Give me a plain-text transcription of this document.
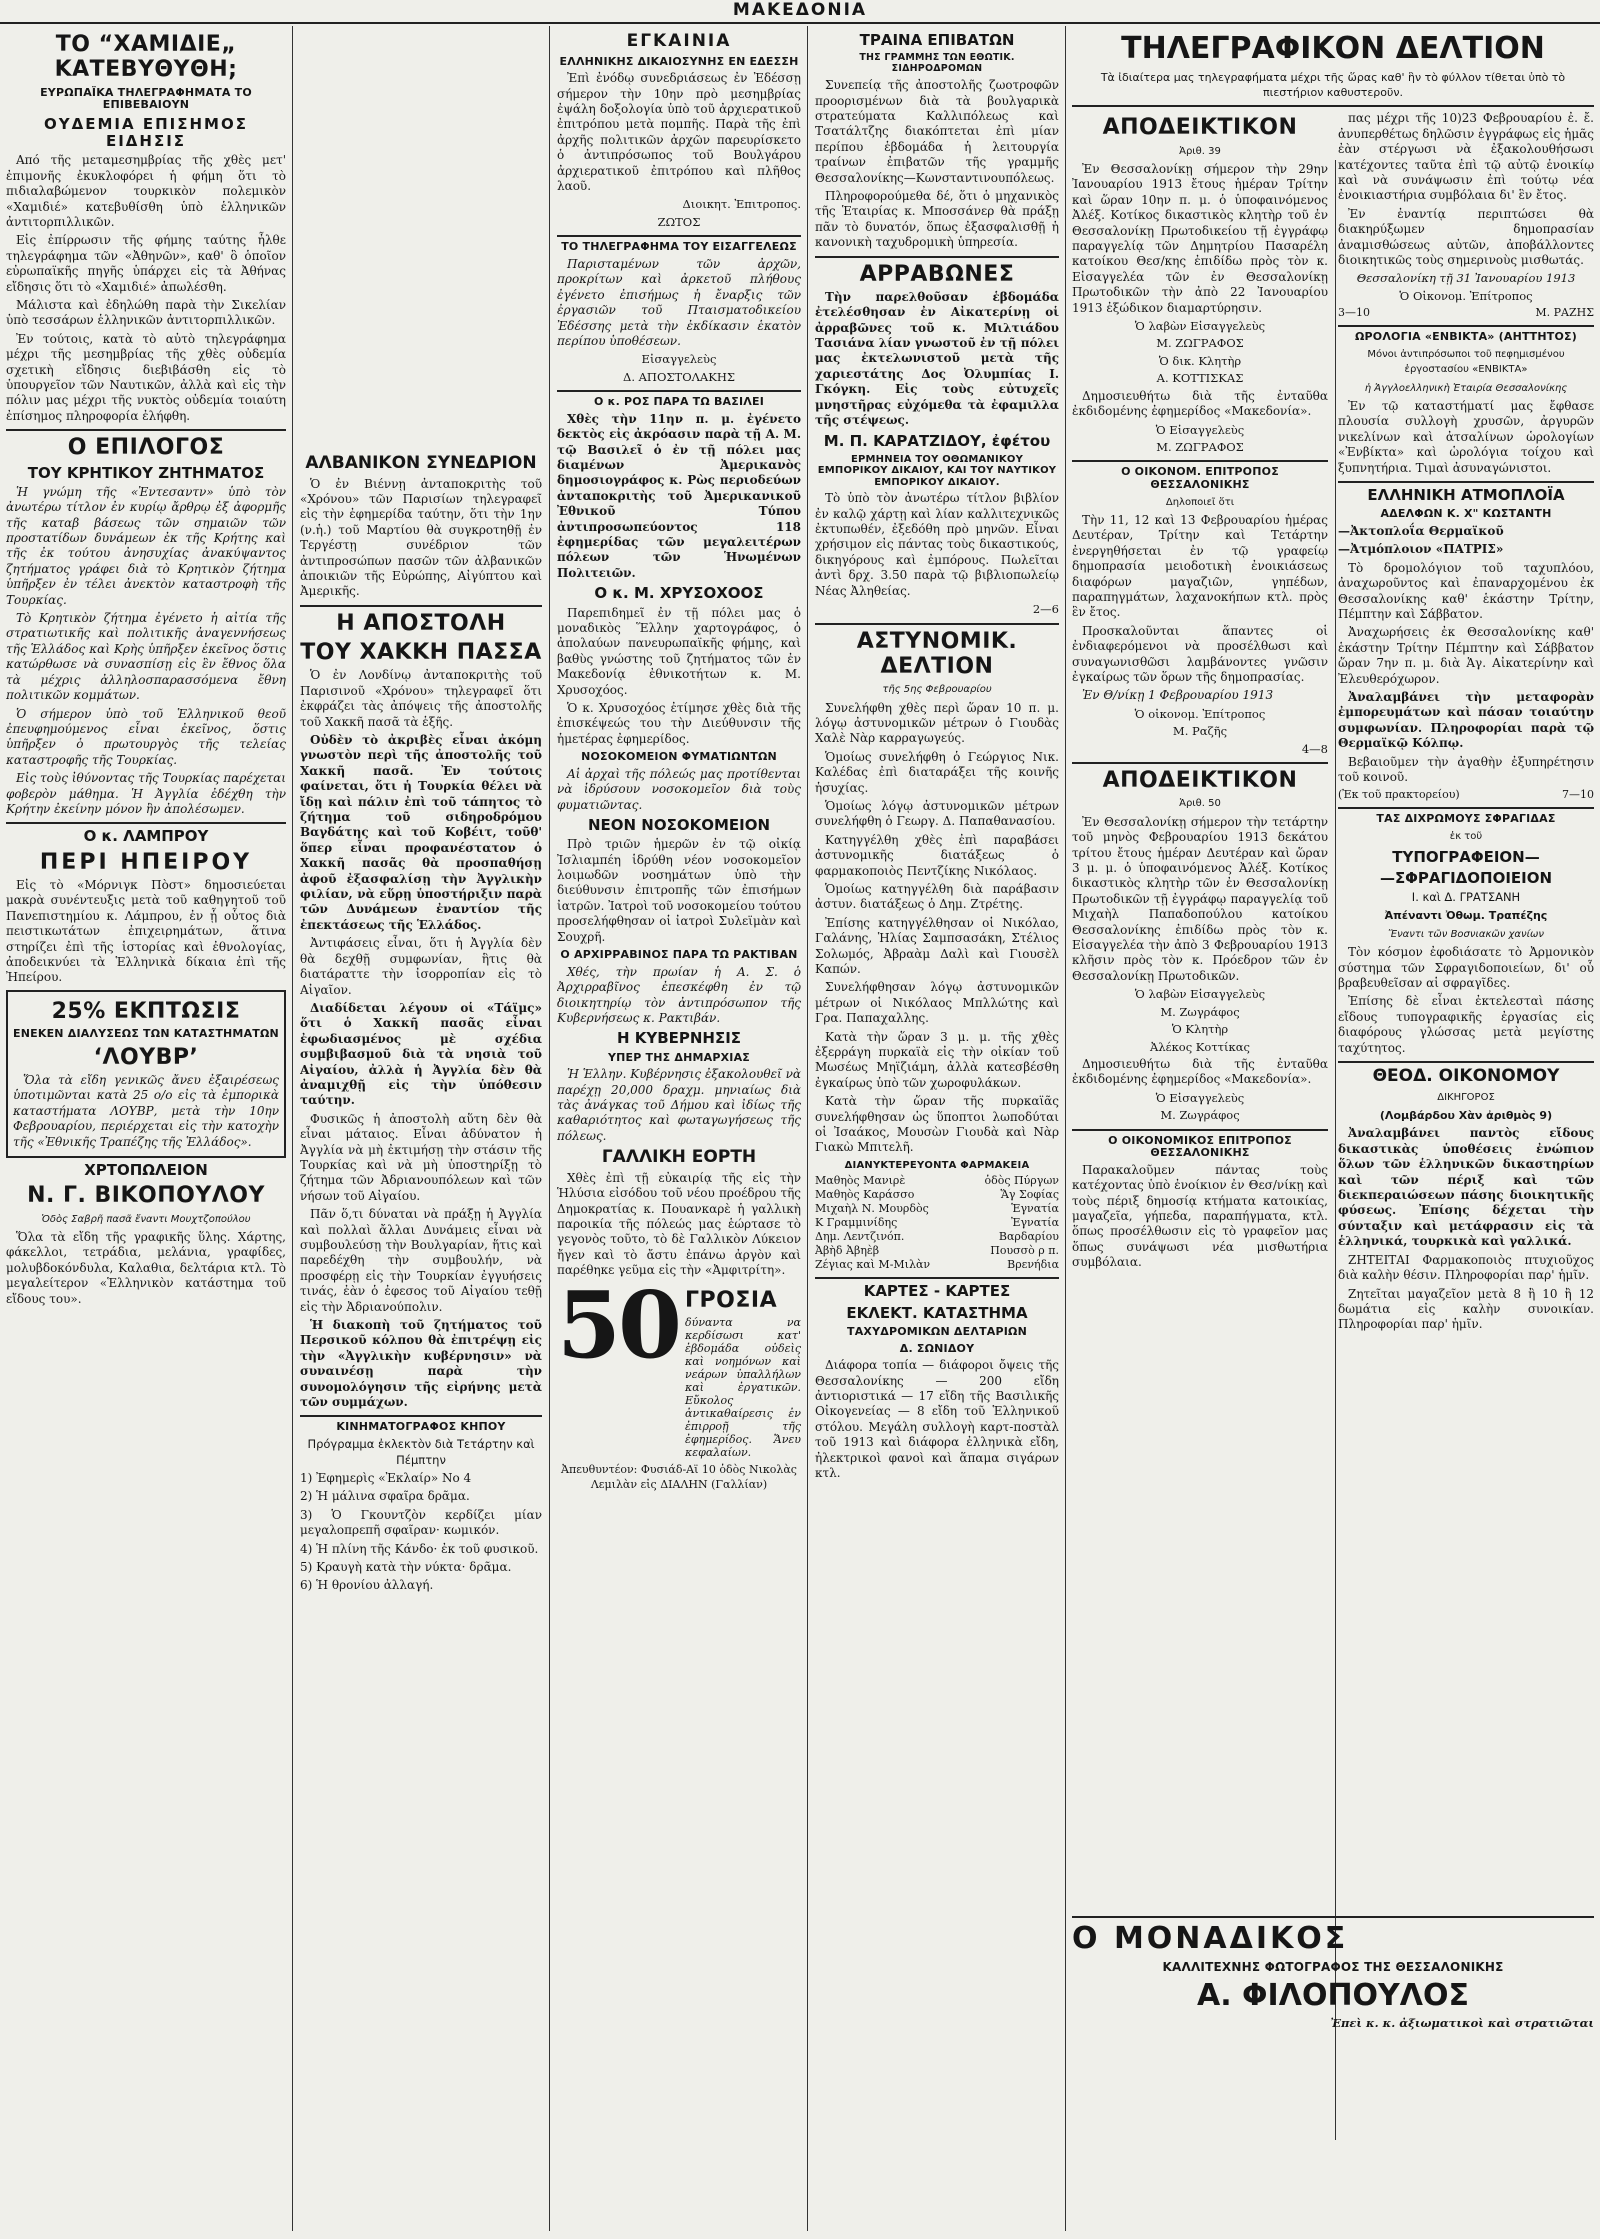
ΜΑΚΕΔΟΝΙΑ
ΤΟ “ΧΑΜΙΔΙΕ„ ΚΑΤΕΒΥΘΥΘΗ;
ΕΥΡΩΠΑΪΚΑ ΤΗΛΕΓΡΑΦΗΜΑΤΑ ΤΟ ΕΠΙΒΕΒΑΙΟΥΝ
ΟΥΔΕΜΙΑ ΕΠΙΣΗΜΟΣ ΕΙΔΗΣΙΣ

Από τῆς μεταμεσημβρίας τῆς χθὲς μετ' ἐπιμονῆς ἐκυκλοφόρει ἡ φήμη ὅτι τὸ πιδιαλαβώμενον τουρκικὸν πολεμικὸν «Χαμιδιέ» κατεβυθίσθη ὑπὸ ἑλληνικῶν ἀντιτορπιλλικῶν.

Εἰς ἐπίρρωσιν τῆς φήμης ταύτης ἦλθε τηλεγράφημα τῶν «Ἀθηνῶν», καθ' ὃ ὁποῖον εὐρωπαϊκῆς πηγῆς ὑπάρχει εἰς τὰ Ἀθήνας εἴδησις ὅτι τὸ «Χαμιδιέ» ἀπωλέσθη.

Μάλιστα καὶ ἐδηλώθη παρὰ τὴν Σικελίαν ὑπὸ τεσσάρων ἑλληνικῶν ἀντιτορπιλλικῶν.

Ἐν τούτοις, κατὰ τὸ αὐτὸ τηλεγράφημα μέχρι τῆς μεσημβρίας τῆς χθὲς οὐδεμία σχετικὴ εἴδησις διεβιβάσθη εἰς τὸ ὑπουργεῖον τῶν Ναυτικῶν, ἀλλὰ καὶ εἰς τὴν πόλιν μας μέχρι τῆς νυκτὸς οὐδεμία τοιαύτη ἐπίσημος πληροφορία ἐλήφθη.

Ο ΕΠΙΛΟΓΟΣ
ΤΟΥ ΚΡΗΤΙΚΟΥ ΖΗΤΗΜΑΤΟΣ

Ἡ γνώμη τῆς «Ἐντεσαντν» ὑπὸ τὸν ἀνωτέρω τίτλον ἐν κυρίῳ ἄρθρῳ ἐξ ἀφορμῆς τῆς καταβ βάσεως τῶν σημαιῶν τῶν προστατίδων δυνάμεων ἐκ τῆς Κρήτης καὶ τῆς ἐκ τούτου ἀνησυχίας ἀνακύψαντος ζητήματος γράφει διὰ τὸ Κρητικὸν ζήτημα ὑπῆρξεν ἐν τέλει ἀνεκτὸν καταστροφὴ τῆς Τουρκίας.

Τὸ Κρητικὸν ζήτημα ἐγένετο ἡ αἰτία τῆς στρατιωτικῆς καὶ πολιτικῆς ἀναγεννήσεως τῆς Ἑλλάδος καὶ Κρὴς ὑπῆρξεν ἐκεῖνος ὅστις κατώρθωσε νὰ συνασπίσῃ εἰς ἓν ἔθνος ὅλα τὰ μέχρις ἀλληλοσπαρασσόμενα ἔθνη πολιτικῶν κομμάτων.

Ὁ σήμερον ὑπὸ τοῦ Ἑλληνικοῦ θεοῦ ἐπευφημούμενος εἶναι ἐκεῖνος, ὅστις ὑπῆρξεν ὁ πρωτουργὸς τῆς τελείας καταστροφῆς τῆς Τουρκίας.

Εἰς τοὺς ἰθύνοντας τῆς Τουρκίας παρέχεται φοβερὸν μάθημα. Ἡ Ἀγγλία ἐδέχθη τὴν Κρήτην ἐκείνην μόνον ἣν ἀπολέσωμεν.

Ο κ. ΛΑΜΠΡΟΥ
ΠΕΡΙ ΗΠΕΙΡΟΥ

Εἰς τὸ «Μόρνιγκ Πὸστ» δημοσιεύεται μακρὰ συνέντευξις μετὰ τοῦ καθηγητοῦ τοῦ Πανεπιστημίου κ. Λάμπρου, ἐν ᾗ οὗτος διὰ πειστικωτάτων ἐπιχειρημάτων, ἅτινα στηρίζει ἐπὶ τῆς ἱστορίας καὶ ἐθνολογίας, ἀποδεικνύει τὰ Ἑλληνικὰ δίκαια ἐπὶ τῆς Ἠπείρου.

25% ΕΚΠΤΩΣΙΣ
ΕΝΕΚΕΝ ΔΙΑΛΥΣΕΩΣ ΤΩΝ ΚΑΤΑΣΤΗΜΑΤΩΝ
‘ΛΟΥΒΡ’

Ὅλα τὰ εἴδη γενικῶς ἄνευ ἐξαιρέσεως ὑποτιμῶνται κατὰ 25 ο/ο εἰς τὰ ἐμπορικὰ καταστήματα ΛΟΥΒΡ, μετὰ τὴν 10ην Φεβρουαρίου, περιέρχεται εἰς τὴν κατοχὴν τῆς «Ἐθνικῆς Τραπέζης τῆς Ἑλλάδος».

ΧΡΤΟΠΩΛΕΙΟΝ
Ν. Γ. ΒΙΚΟΠΟΥΛΟΥ
Ὁδὸς Σαβρῆ πασᾶ ἔναντι Μουχτζοπούλου

Ὅλα τὰ εἴδη τῆς γραφικῆς ὕλης. Χάρτης, φάκελλοι, τετράδια, μελάνια, γραφίδες, μολυβδοκόνδυλα, Καλαθια, δελτάρια κτλ. Τὸ μεγαλείτερον «Ἑλληνικὸν κατάστημα τοῦ εἴδους του».

ΑΛΒΑΝΙΚΟΝ ΣΥΝΕΔΡΙΟΝ

Ὁ ἐν Βιέννῃ ἀνταποκριτὴς τοῦ «Χρόνου» τῶν Παρισίων τηλεγραφεῖ εἰς τὴν ἐφημερίδα ταύτην, ὅτι τὴν 1ην (ν.ἡ.) τοῦ Μαρτίου θὰ συγκροτηθῇ ἐν Τεργέστῃ συνέδριον τῶν ἀντιπροσώπων πασῶν τῶν ἀλβανικῶν ἀποικιῶν τῆς Εὐρώπης, Αἰγύπτου καὶ Ἀμερικῆς.

Η ΑΠΟΣΤΟΛΗ
ΤΟΥ ΧΑΚΚΗ ΠΑΣΣΑ

Ὁ ἐν Λονδίνῳ ἀνταποκριτὴς τοῦ Παρισινοῦ «Χρόνου» τηλεγραφεῖ ὅτι ἐκφράζει τὰς ἀπόψεις τῆς ἀποστολῆς τοῦ Χακκῆ πασᾶ τὰ ἑξῆς.

Οὐδὲν τὸ ἀκριβὲς εἶναι ἀκόμη γνωστὸν περὶ τῆς ἀποστολῆς τοῦ Χακκῆ πασᾶ. Ἐν τούτοις φαίνεται, ὅτι ἡ Τουρκία θέλει νὰ ἴδῃ καὶ πάλιν ἐπὶ τοῦ τάπητος τὸ ζήτημα τοῦ σιδηροδρόμου Βαγδάτης καὶ τοῦ Κοβέιτ, τοῦθ' ὅπερ εἶναι προφανέστατον ὁ Χακκῆ πασᾶς θὰ προσπαθήσῃ ἀφοῦ ἐξασφαλίσῃ τὴν Ἀγγλικὴν φιλίαν, νὰ εὕρῃ ὑποστήριξιν παρὰ τῶν Δυνάμεων ἐναντίον τῆς ἐπεκτάσεως τῆς Ἑλλάδος.

Ἀντιφάσεις εἶναι, ὅτι ἡ Ἀγγλία δὲν θὰ δεχθῇ συμφωνίαν, ἣτις θὰ διατάραττε τὴν ἰσορροπίαν εἰς τὸ Αἰγαῖον.

Διαδίδεται λέγουν οἱ «Τάϊμς» ὅτι ὁ Χακκῆ πασᾶς εἶναι ἐφωδιασμένος μὲ σχέδια συμβιβασμοῦ διὰ τὰ νησιὰ τοῦ Αἰγαίου, ἀλλὰ ἡ Ἀγγλία δὲν θὰ ἀναμιχθῇ εἰς τὴν ὑπόθεσιν ταύτην.

Φυσικῶς ἡ ἀποστολὴ αὕτη δὲν θὰ εἶναι μάταιος. Εἶναι ἀδύνατον ἡ Ἀγγλία νὰ μὴ ἐκτιμήσῃ τὴν στάσιν τῆς Τουρκίας καὶ νὰ μὴ ὑποστηρίξῃ τὸ ζήτημα τῶν Ἀδριανουπόλεων καὶ τῶν νήσων τοῦ Αἰγαίου.

Πᾶν ὅ,τι δύναται νὰ πράξῃ ἡ Ἀγγλία καὶ πολλαὶ ἄλλαι Δυνάμεις εἶναι νὰ συμβουλεύσῃ τὴν Βουλγαρίαν, ἥτις καὶ παρεδέχθη τὴν συμβουλήν, νὰ προσφέρῃ εἰς τὴν Τουρκίαν ἐγγυήσεις τινάς, ἐὰν ὁ ἐφεσος τοῦ Αἰγαίου τεθῇ εἰς τὴν Ἀδριανούπολιν.

Ἡ διακοπὴ τοῦ ζητήματος τοῦ Περσικοῦ κόλπου θὰ ἐπιτρέψῃ εἰς τὴν «Ἀγγλικὴν κυβέρνησιν» νὰ συναινέσῃ παρὰ τὴν συνομολόγησιν τῆς εἰρήνης μετὰ τῶν συμμάχων.

ΚΙΝΗΜΑΤΟΓΡΑΦΟΣ ΚΗΠΟΥ
Πρόγραμμα ἐκλεκτὸν διὰ Τετάρτην καὶ Πέμπτην
1) Ἐφημερὶς «Ἐκλαίρ» Νο 4
2) Ἡ μάλινα σφαῖρα δρᾶμα.
3) Ὁ Γκουντζὸν κερδίζει μίαν μεγαλοπρεπῆ σφαῖραν· κωμικόν.
4) Ἡ πλίνη τῆς Κάνδο· ἐκ τοῦ φυσικοῦ.
5) Κραυγὴ κατὰ τὴν νύκτα· δρᾶμα.
6) Ἡ θρονίου ἀλλαγή.
ΕΓΚΑΙΝΙΑ
ΕΛΛΗΝΙΚΗΣ ΔΙΚΑΙΟΣΥΝΗΣ ΕΝ ΕΔΕΣΣΗ

Ἐπὶ ἐνόδῳ συνεδριάσεως ἐν Ἐδέσσῃ σήμερον τὴν 10ην πρὸ μεσημβρίας ἐψάλη δοξολογία ὑπὸ τοῦ ἀρχιερατικοῦ ἐπιτρόπου μετὰ πομπῆς. Παρὰ τῆς ἐπὶ ἀρχῆς πολιτικῶν ἀρχῶν παρευρίσκετο ὁ ἀντιπρόσωπος τοῦ Βουλγάρου ἀρχιερατικοῦ ἐπιτρόπου καὶ πλῆθος λαοῦ.

Διοικητ. Ἐπιτροπος.
ΖΩΤΟΣ
ΤΟ ΤΗΛΕΓΡΑΦΗΜΑ ΤΟΥ ΕΙΣΑΓΓΕΛΕΩΣ

Παρισταμένων τῶν ἀρχῶν, προκρίτων καὶ ἀρκετοῦ πλήθους ἐγένετο ἐπισήμως ἡ ἔναρξις τῶν ἐργασιῶν τοῦ Πταισματοδικείου Ἐδέσσης μετὰ τὴν ἐκδίκασιν ἑκατὸν περίπου ὑποθέσεων.

Εἰσαγγελεὺς
Δ. ΑΠΟΣΤΟΛΑΚΗΣ
Ο κ. ΡΟΣ ΠΑΡΑ ΤΩ ΒΑΣΙΛΕΙ

Χθὲς τὴν 11ην π. μ. ἐγένετο δεκτὸς εἰς ἀκρόασιν παρὰ τῇ Α. Μ. τῷ Βασιλεῖ ὁ ἐν τῇ πόλει μας διαμένων Ἀμερικανὸς δημοσιογράφος κ. Ρὼς περιοδεύων ἀνταποκριτὴς τοῦ Ἀμερικανικοῦ Ἐθνικοῦ Τύπου ἀντιπροσωπεύοντος 118 ἐφημερίδας τῶν μεγαλειτέρων πόλεων τῶν Ἡνωμένων Πολιτειῶν.

Ο κ. Μ. ΧΡΥΣΟΧΟΟΣ

Παρεπιδημεῖ ἐν τῇ πόλει μας ὁ μοναδικὸς Ἕλλην χαρτογράφος, ὁ ἀπολαύων πανευρωπαϊκῆς φήμης, καὶ βαθὺς γνώστης τοῦ ζητήματος τῶν ἐν Μακεδονίᾳ ἐθνικοτήτων κ. Μ. Χρυσοχόος.

Ὁ κ. Χρυσοχόος ἐτίμησε χθὲς διὰ τῆς ἐπισκέψεώς του τὴν Διεύθυνσιν τῆς ἡμετέρας ἐφημερίδος.

ΝΟΣΟΚΟΜΕΙΟΝ ΦΥΜΑΤΙΩΝΤΩΝ

Αἱ ἀρχαὶ τῆς πόλεώς μας προτίθενται νὰ ἱδρύσουν νοσοκομεῖον διὰ τοὺς φυματιῶντας.

ΝΕΟΝ ΝΟΣΟΚΟΜΕΙΟΝ

Πρὸ τριῶν ἡμερῶν ἐν τῷ οἰκίᾳ Ἰσλιαμπέη ἱδρύθη νέον νοσοκομεῖον λοιμωδῶν νοσημάτων ὑπὸ τὴν διεύθυνσιν ἐπιτροπῆς τῶν ἐπισήμων ἰατρῶν. Ἰατροὶ τοῦ νοσοκομείου τούτου προσελήφθησαν οἱ ἰατροὶ Συλεϊμὰν καὶ Σουχρῆ.

Ο ΑΡΧΙΡΡΑΒΙΝΟΣ ΠΑΡΑ ΤΩ ΡΑΚΤΙΒΑΝ

Χθές, τὴν πρωίαν ἡ Α. Σ. ὁ Ἀρχιρραβῖνος ἐπεσκέφθη ἐν τῷ διοικητηρίῳ τὸν ἀντιπρόσωπον τῆς Κυβερνήσεως κ. Ρακτιβάν.

Η ΚΥΒΕΡΝΗΣΙΣ
ΥΠΕΡ ΤΗΣ ΔΗΜΑΡΧΙΑΣ

Ἡ Ἑλλην. Κυβέρνησις ἐξακολουθεῖ νὰ παρέχῃ 20,000 δραχμ. μηνιαίως διὰ τὰς ἀνάγκας τοῦ Δήμου καὶ ἰδίως τῆς καθαριότητος καὶ φωταγωγήσεως τῆς πόλεως.

ΓΑΛΛΙΚΗ ΕΟΡΤΗ

Χθὲς ἐπὶ τῇ εὐκαιρίᾳ τῆς εἰς τὴν Ἡλύσια εἰσόδου τοῦ νέου προέδρου τῆς Δημοκρατίας κ. Πουανκαρὲ ἡ γαλλικὴ παροικία τῆς πόλεώς μας ἑώρτασε τὸ γεγονὸς τοῦτο, τὸ δὲ Γαλλικὸν Λύκειον ἤγεν καὶ τὸ ἄστυ ἐπάνω ἀργὸν καὶ παρέθηκε γεῦμα εἰς τὴν «Ἀμφιτρίτη».

50 ΓΡΟΣΙΑ

δύναντα να κερδίσωσι κατ' ἑβδομάδα οὐδεὶς καὶ νοημόνων καὶ νεάρων ὑπαλλήλων καὶ ἐργατικῶν. Εὔκολος ἀντικαθαίρεσις ἐν ἐπιρροῇ τῆς ἐφημερίδος. Ἄνευ κεφαλαίων.

Ἀπευθυντέον: Φυσιάδ-Αϊ 10 ὁδὸς Νικολὰς Λεμιλὰν εἰς ΔΙΑΛΗΝ (Γαλλίαν)

ΤΡΑΙΝΑ ΕΠΙΒΑΤΩΝ
ΤΗΣ ΓΡΑΜΜΗΣ ΤΩΝ ΕΘΩΤΙΚ. ΣΙΔΗΡΟΔΡΟΜΩΝ

Συνεπείᾳ τῆς ἀποστολῆς ζωοτροφῶν προορισμένων διὰ τὰ βουλγαρικὰ στρατεύματα Καλλιπόλεως καὶ Τσατάλτζης διακόπτεται ἐπὶ μίαν περίπου ἑβδομάδα ἡ λειτουργία τραίνων ἐπιβατῶν τῆς γραμμῆς Θεσσαλονίκης—Κωνσταντινουπόλεως.

Πληροφορούμεθα δέ, ὅτι ὁ μηχανικὸς τῆς Ἑταιρίας κ. Μποσσάνερ θὰ πράξῃ πᾶν τὸ δυνατόν, ὅπως ἐξασφαλισθῇ ἡ κανονικὴ ταχυδρομικὴ ὑπηρεσία.

ΑΡΡΑΒΩΝΕΣ

Τὴν παρελθοῦσαν ἑβδομάδα ἐτελέσθησαν ἐν Αἰκατερίνῃ οἱ ἀρραβῶνες τοῦ κ. Μιλτιάδου Τασιάνα λίαν γνωστοῦ ἐν τῇ πόλει μας ἐκτελωνιστοῦ μετὰ τῆς χαριεστάτης Δος Ὀλυμπίας Ι. Γκόγκη. Εἰς τοὺς εὐτυχεῖς μνηστῆρας εὐχόμεθα τὰ ἐφαμιλλα τῆς στέψεως.

Μ. Π. ΚΑΡΑΤΖΙΔΟΥ, ἐφέτου
ΕΡΜΗΝΕΙΑ ΤΟΥ ΟΘΩΜΑΝΙΚΟΥ ΕΜΠΟΡΙΚΟΥ ΔΙΚΑΙΟΥ, ΚΑΙ ΤΟΥ ΝΑΥΤΙΚΟΥ ΕΜΠΟΡΙΚΟΥ ΔΙΚΑΙΟΥ.

Τὸ ὑπὸ τὸν ἀνωτέρω τίτλον βιβλίον ἐν καλῷ χάρτῃ καὶ λίαν καλλιτεχνικῶς ἐκτυπωθέν, ἐξεδόθη πρὸ μηνῶν. Εἶναι χρήσιμον εἰς πάντας τοὺς δικαστικούς, δικηγόρους καὶ ἐμπόρους. Πωλεῖται ἀντὶ δρχ. 3.50 παρὰ τῷ βιβλιοπωλείῳ Νέας Ἀληθείας.

2—6
ΑΣΤΥΝΟΜΙΚ. ΔΕΛΤΙΟΝ
τῆς 5ης Φεβρουαρίου

Συνελήφθη χθὲς περὶ ὥραν 10 π. μ. λόγῳ ἀστυνομικῶν μέτρων ὁ Γιουδὰς Χαλὲ Νὰρ καρραγωγεύς.

Ὁμοίως συνελήφθη ὁ Γεώργιος Νικ. Καλέδας ἐπὶ διαταράξει τῆς κοινῆς ἡσυχίας.

Ὁμοίως λόγῳ ἀστυνομικῶν μέτρων συνελήφθη ὁ Γεωργ. Δ. Παπαθανασίου.

Κατηγγέλθη χθὲς ἐπὶ παραβάσει ἀστυνομικῆς διατάξεως ὁ φαρμακοποιὸς Πεντζίκης Νικόλαος.

Ὁμοίως κατηγγέλθη διὰ παράβασιν ἀστυν. διατάξεως ὁ Δημ. Ζτρέτης.

Ἐπίσης κατηγγέλθησαν οἱ Νικόλαο, Γαλάνης, Ἡλίας Σαμπσασάκη, Στέλιος Σολωμός, Ἀβραὰμ Δαλὶ καὶ Γιουσὲλ Καπών.

Συνελήφθησαν λόγῳ ἀστυνομικῶν μέτρων οἱ Νικόλαος Μπλλώτης καὶ Γρα. Παπαχαλλης.

Κατὰ τὴν ὥραν 3 μ. μ. τῆς χθὲς ἐξερράγη πυρκαϊὰ εἰς τὴν οἰκίαν τοῦ Μωσέως Μηϊζιάμη, ἀλλὰ κατεσβέσθη ἐγκαίρως ὑπὸ τῶν χωροφυλάκων.

Κατὰ τὴν ὥραν τῆς πυρκαϊᾶς συνελήφθησαν ὡς ὕποπτοι λωποδύται οἱ Ἰσαάκος, Μουσὼν Γιουδὰ καὶ Νὰρ Γιακὼ Μπιτελῆ.

ΔΙΑΝΥΚΤΕΡΕΥΟΝΤΑ ΦΑΡΜΑΚΕΙΑ
Μαθηὸς Μανιρὲ	ὁδὸς Πύργων
Μαθηὸς Καράσσο	Ἅγ Σοφίας
Μιχαὴλ Ν. Μουρδὸς	Ἑγνατία
Κ Γραμμινίδης	Ἐγνατία
Δημ. Λεντζινόπ.	Βαρδαρίου
Ἀβὴδ Ἀβηὲβ	Πουσσὸ ρ π.
Ζέγιας καὶ Μ-Μιλὰν	Βρενήδια
ΚΑΡΤΕΣ - ΚΑΡΤΕΣ
ΕΚΛΕΚΤ. ΚΑΤΑΣΤΗΜΑ
ΤΑΧΥΔΡΟΜΙΚΩΝ ΔΕΛΤΑΡΙΩΝ
Δ. ΣΩΝΙΔΟΥ

Διάφορα τοπία — διάφοροι ὄψεις τῆς Θεσσαλονίκης — 200 εἴδη ἀντιοριστικά — 17 εἴδη τῆς Βασιλικῆς Οἰκογενείας — 8 εἴδη τοῦ Ἑλληνικοῦ στόλου. Μεγάλη συλλογὴ καρτ-ποστὰλ τοῦ 1913 καὶ διάφορα ἐλληνικὰ εἴδη, ἠλεκτρικοὶ φανοὶ καὶ ἅπαμα σιγάρων κτλ.

ΤΗΛΕΓΡΑΦΙΚΟΝ ΔΕΛΤΙΟΝ
Τὰ ἰδιαίτερα μας τηλεγραφήματα μέχρι τῆς ὥρας καθ' ἣν τὸ φύλλον τίθεται ὑπὸ τὸ πιεστήριον καθυστεροῦν.
ΑΠΟΔΕΙΚΤΙΚΟΝ
Ἀριθ. 39

Ἐν Θεσσαλονίκῃ σήμερον τὴν 29ην Ἰανουαρίου 1913 ἔτους ἡμέραν Τρίτην καὶ ὥραν 10ην π. μ. ὁ ὑποφαινόμενος Ἀλέξ. Κοτίκος δικαστικὸς κλητὴρ τοῦ ἐν Θεσσαλονίκῃ Πρωτοδικείου τῇ ἐγγράφῳ παραγγελίᾳ τῶν Δημητρίου Πασαρέλη κατοίκου Θεσ/κης ἐπιδίδω πρὸς τὸν κ. Εἰσαγγελέα τῶν ἐν Θεσσαλονίκῃ Πρωτοδικῶν τὴν ἀπὸ 22 Ἰανουαρίου 1913 ἐξώδικον διαμαρτύρησιν.

Ὁ λαβὼν Εἰσαγγελεὺς
Μ. ΖΩΓΡΑΦΟΣ
Ὁ δικ. Κλητὴρ
Α. ΚΟΤΤΙΣΚΑΣ

Δημοσιευθήτω διὰ τῆς ἐνταῦθα ἐκδιδομένης ἐφημερίδος «Μακεδονία».

Ὁ Εἰσαγγελεὺς
Μ. ΖΩΓΡΑΦΟΣ
Ο ΟΙΚΟΝΟΜ. ΕΠΙΤΡΟΠΟΣ ΘΕΣΣΑΛΟΝΙΚΗΣ
Δηλοποιεῖ ὅτι

Τὴν 11, 12 καὶ 13 Φεβρουαρίου ἡμέρας Δευτέραν, Τρίτην καὶ Τετάρτην ἐνεργηθήσεται ἐν τῷ γραφείῳ δημοπρασία μειοδοτικὴ ἐνοικιάσεως διαφόρων μαγαζιῶν, γηπέδων, παραπηγμάτων, λαχανοκήπων κτλ. πρὸς ἓν ἔτος.

Προσκαλοῦνται ἅπαντες οἱ ἐνδιαφερόμενοι νὰ προσέλθωσι καὶ συναγωνισθῶσι λαμβάνοντες γνῶσιν ἐγκαίρως τῶν ὅρων τῆς δημοπρασίας.

Ἐν Θ/νίκῃ 1 Φεβρουαρίου 1913
Ὁ οἰκονομ. Ἐπίτροπος
Μ. Ραζῆς
4—8
ΑΠΟΔΕΙΚΤΙΚΟΝ
Ἀριθ. 50

Ἐν Θεσσαλονίκῃ σήμερον τὴν τετάρτην τοῦ μηνὸς Φεβρουαρίου 1913 δεκάτου τρίτου ἔτους ἡμέραν Δευτέραν καὶ ὥραν 3 μ. μ. ὁ ὑποφαινόμενος Ἀλέξ. Κοτίκος δικαστικὸς κλητὴρ τῶν ἐν Θεσσαλονίκῃ Πρωτοδικῶν τῇ ἐγγράφῳ παραγγελίᾳ τοῦ Μιχαὴλ Παπαδοπούλου κατοίκου Θεσσαλονίκης ἐπιδίδω πρὸς τὸν κ. Εἰσαγγελέα τὴν ἀπὸ 3 Φεβρουαρίου 1913 κλῆσιν πρὸς τὸν κ. Πρόεδρον τῶν ἐν Θεσσαλονίκῃ Πρωτοδικῶν.

Ὁ λαβὼν Εἰσαγγελεὺς
Μ. Ζωγράφος
Ὁ Κλητὴρ
Ἀλέκος Κοττίκας

Δημοσιευθήτω διὰ τῆς ἐνταῦθα ἐκδιδομένης ἐφημερίδος «Μακεδονία».

Ὁ Εἰσαγγελεὺς
Μ. Ζωγράφος
Ο ΟΙΚΟΝΟΜΙΚΟΣ ΕΠΙΤΡΟΠΟΣ ΘΕΣΣΑΛΟΝΙΚΗΣ

Παρακαλοῦμεν πάντας τοὺς κατέχοντας ὑπὸ ἐνοίκιον ἐν Θεσ/νίκῃ καὶ τοὺς πέριξ δημοσίᾳ κτήματα κατοικίας, μαγαζεῖα, γήπεδα, παραπήγματα, κτλ. ὅπως προσέλθωσιν εἰς τὸ γραφεῖον μας ὅπως συνάψωσι νέα μισθωτήρια συμβόλαια.

πας μέχρι τῆς 10)23 Φεβρουαρίου ἐ. ἔ. ἀνυπερθέτως δηλῶσιν ἐγγράφως εἰς ἡμᾶς ἐὰν στέργωσι νὰ ἐξακολουθήσωσι κατέχοντες ταῦτα ἐπὶ τῷ αὐτῷ ἐνοικίῳ καὶ νὰ συνάψωσιν ἐπὶ τούτῳ νέα ἐνοικιαστήρια συμβόλαια δι' ἓν ἔτος.

Ἐν ἐναντίᾳ περιπτώσει θὰ διακηρύξωμεν δημοπρασίαν ἀναμισθώσεως αὐτῶν, ἀποβάλλοντες διοικητικῶς τοὺς σημερινοὺς μισθωτάς.

Θεσσαλονίκη τῇ 31 Ἰανουαρίου 1913
Ὁ Οἰκονομ. Ἐπίτροπος
3—10	Μ. ΡΑΖΗΣ
ΩΡΟΛΟΓΙΑ «ΕΝΒΙΚΤΑ» (ΑΗΤΤΗΤΟΣ)
Μόνοι ἀντιπρόσωποι τοῦ πεφημισμένου ἐργοστασίου «ΕΝΒΙΚΤΑ»
ἡ Ἀγγλοελληνικὴ Ἑταιρία Θεσσαλονίκης

Ἐν τῷ καταστήματί μας ἔφθασε πλουσία συλλογὴ χρυσῶν, ἀργυρῶν νικελίνων καὶ ἀτσαλίνων ὡρολογίων «Ἐνβίκτα» καὶ ὡρολόγια τοίχου καὶ ξυπνητήρια. Τιμαὶ ἀσυναγώνιστοι.

ΕΛΛΗΝΙΚΗ ΑΤΜΟΠΛΟΪΑ
ΑΔΕΛΦΩΝ Κ. Χ" ΚΩΣΤΑΝΤΗ
—Ἀκτοπλοΐα Θερμαϊκοῦ
—Ἀτμόπλοιον «ΠΑΤΡΙΣ»

Τὸ δρομολόγιον τοῦ ταχυπλόου, ἀναχωροῦντος καὶ ἐπαναρχομένου ἐκ Θεσσαλονίκης καθ' ἑκάστην Τρίτην, Πέμπτην καὶ Σάββατον.

Ἀναχωρήσεις ἐκ Θεσσαλονίκης καθ' ἑκάστην Τρίτην Πέμπτην καὶ Σάββατον ὥραν 7ην π. μ. διὰ Ἁγ. Αἰκατερίνην καὶ Ἐλευθερόχωρον.

Ἀναλαμβάνει τὴν μεταφορὰν ἐμπορευμάτων καὶ πάσαν τοιαύτην συμφωνίαν. Πληροφορίαι παρὰ τῷ Θερμαϊκῷ Κόλπῳ.

Βεβαιοῦμεν τὴν ἀγαθὴν ἐξυπηρέτησιν τοῦ κοινοῦ.

(Ἐκ τοῦ πρακτορείου)	7—10
ΤΑΣ ΔΙΧΡΩΜΟΥΣ ΣΦΡΑΓΙΔΑΣ
ἐκ τοῦ
ΤΥΠΟΓΡΑΦΕΙΟΝ—
—ΣΦΡΑΓΙΔΟΠΟΙΕΙΟΝ
Ι. καὶ Δ. ΓΡΑΤΣΑΝΗ
Ἀπέναντι Ὀθωμ. Τραπέζης
Ἔναντι τῶν Βοσνιακῶν χανίων

Τὸν κόσμον ἐφοδιάσατε τὸ Ἀρμονικὸν σύστημα τῶν Σφραγιδοποιείων, δι' οὗ βραβευθεῖσαν αἱ σφραγῖδες.

Ἐπίσης δὲ εἶναι ἐκτελεσταὶ πάσης εἴδους τυπογραφικῆς ἐργασίας εἰς διαφόρους γλώσσας μετὰ μεγίστης ταχύτητος.

ΘΕΟΔ. ΟΙΚΟΝΟΜΟΥ
ΔΙΚΗΓΟΡΟΣ
(Λομβάρδου Χὰν ἀριθμὸς 9)

Ἀναλαμβάνει παντὸς εἴδους δικαστικὰς ὑποθέσεις ἐνώπιον ὅλων τῶν ἑλληνικῶν δικαστηρίων καὶ τῶν πέριξ καὶ τῶν διεκπεραιώσεων πάσης διοικητικῆς φύσεως. Ἐπίσης δέχεται τὴν σύνταξιν καὶ μετάφρασιν εἰς τὰ ἑλληνικά, τουρκικὰ καὶ γαλλικά.

ΖΗΤΕΙΤΑΙ Φαρμακοποιὸς πτυχιοῦχος διὰ καλὴν θέσιν. Πληροφορίαι παρ' ἡμῖν.

Ζητεῖται μαγαζεῖον μετὰ 8 ἢ 10 ἢ 12 δωμάτια εἰς καλὴν συνοικίαν. Πληροφορίαι παρ' ἡμῖν.

Ο ΜΟΝΑΔΙΚΟΣ
ΚΑΛΛΙΤΕΧΝΗΣ ΦΩΤΟΓΡΑΦΟΣ ΤΗΣ ΘΕΣΣΑΛΟΝΙΚΗΣ
Α. ΦΙΛΟΠΟΥΛΟΣ
Ἐπεὶ κ. κ. ἀξιωματικοὶ καὶ στρατιῶται
